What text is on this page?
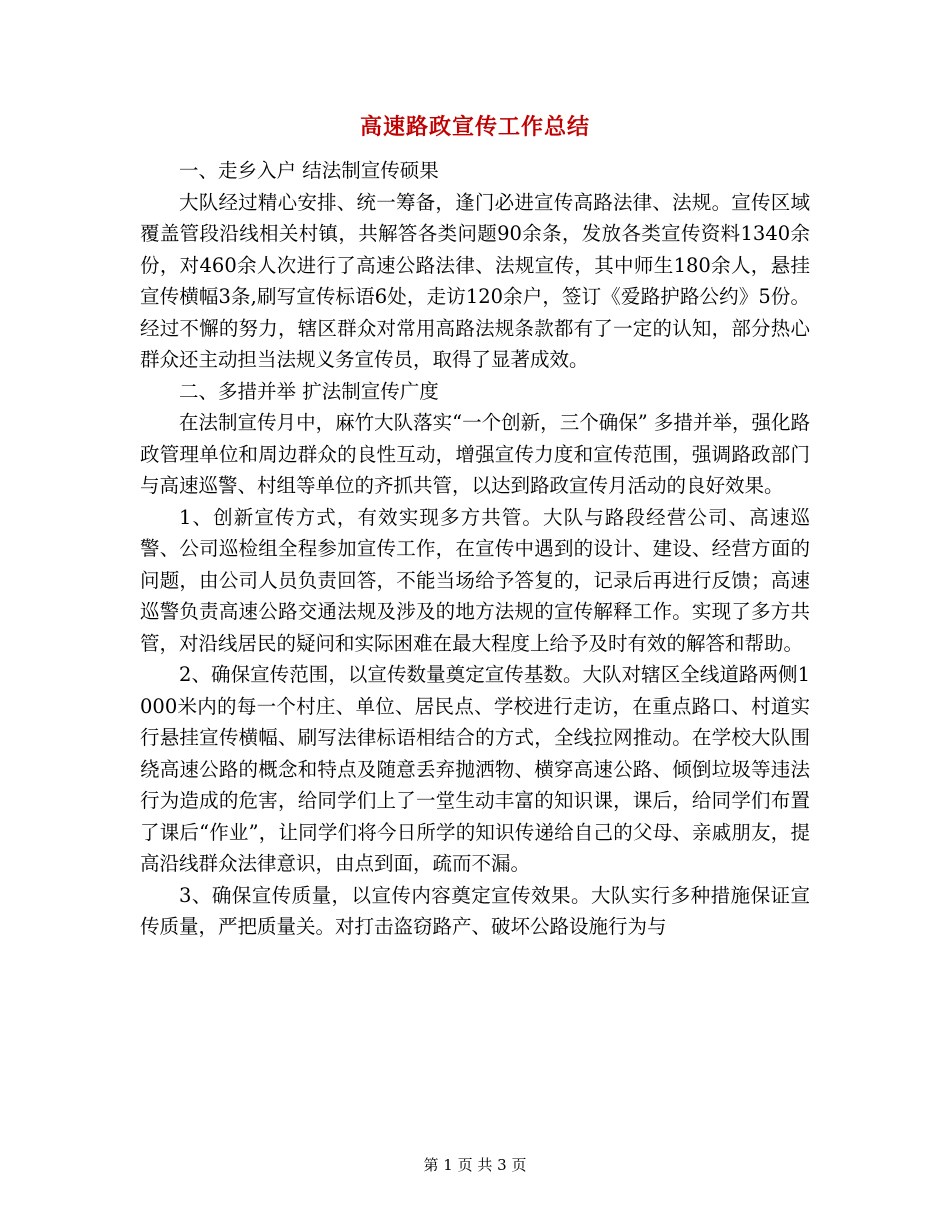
高速路政宣传工作总结

一、走乡入户 结法制宣传硕果

大队经过精心安排、统一筹备，逢门必进宣传高路法律、法规。宣传区域覆盖管段沿线相关村镇，共解答各类问题90余条，发放各类宣传资料1340余份，对460余人次进行了高速公路法律、法规宣传，其中师生180余人，悬挂宣传横幅3条,刷写宣传标语6处，走访120余户，签订《爱路护路公约》5份。经过不懈的努力，辖区群众对常用高路法规条款都有了一定的认知，部分热心群众还主动担当法规义务宣传员，取得了显著成效。

二、多措并举 扩法制宣传广度

在法制宣传月中，麻竹大队落实“一个创新，三个确保” 多措并举，强化路政管理单位和周边群众的良性互动，增强宣传力度和宣传范围，强调路政部门与高速巡警、村组等单位的齐抓共管，以达到路政宣传月活动的良好效果。

1、创新宣传方式，有效实现多方共管。大队与路段经营公司、高速巡警、公司巡检组全程参加宣传工作，在宣传中遇到的设计、建设、经营方面的问题，由公司人员负责回答，不能当场给予答复的，记录后再进行反馈；高速巡警负责高速公路交通法规及涉及的地方法规的宣传解释工作。实现了多方共管，对沿线居民的疑问和实际困难在最大程度上给予及时有效的解答和帮助。

2、确保宣传范围，以宣传数量奠定宣传基数。大队对辖区全线道路两侧1000米内的每一个村庄、单位、居民点、学校进行走访，在重点路口、村道实行悬挂宣传横幅、刷写法律标语相结合的方式，全线拉网推动。在学校大队围绕高速公路的概念和特点及随意丢弃抛洒物、横穿高速公路、倾倒垃圾等违法行为造成的危害，给同学们上了一堂生动丰富的知识课，课后，给同学们布置了课后“作业”，让同学们将今日所学的知识传递给自己的父母、亲戚朋友，提高沿线群众法律意识，由点到面，疏而不漏。

3、确保宣传质量，以宣传内容奠定宣传效果。大队实行多种措施保证宣传质量，严把质量关。对打击盗窃路产、破坏公路设施行为与

第 1 页 共 3 页
